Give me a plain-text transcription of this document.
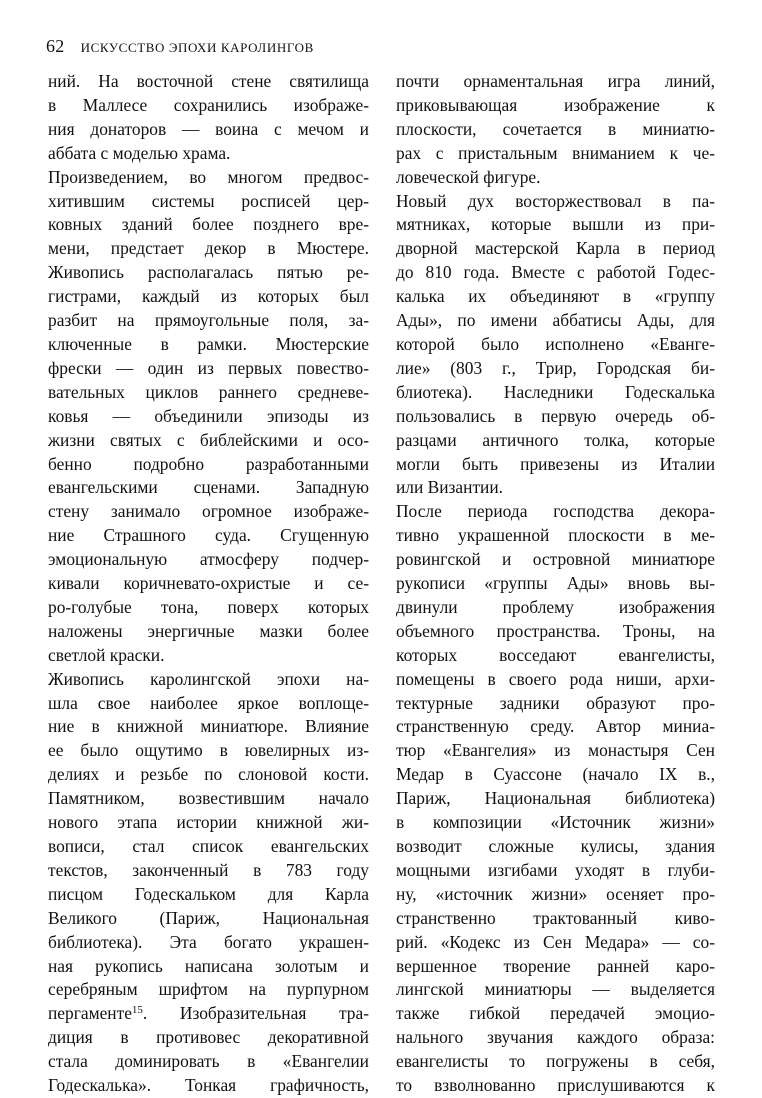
62 ИСКУССТВО ЭПОХИ КАРОЛИНГОВ
ний. На восточной стене святилища
в Маллесе сохранились изображе-
ния донаторов — воина с мечом и
аббата с моделью храма.
Произведением, во многом предвос-
хитившим системы росписей цер-
ковных зданий более позднего вре-
мени, предстает декор в Мюстере.
Живопись располагалась пятью ре-
гистрами, каждый из которых был
разбит на прямоугольные поля, за-
ключенные в рамки. Мюстерские
фрески — один из первых повество-
вательных циклов раннего средневе-
ковья — объединили эпизоды из
жизни святых с библейскими и осо-
бенно подробно разработанными
евангельскими сценами. Западную
стену занимало огромное изображе-
ние Страшного суда. Сгущенную
эмоциональную атмосферу подчер-
кивали коричневато-охристые и се-
ро-голубые тона, поверх которых
наложены энергичные мазки более
светлой краски.
Живопись каролингской эпохи на-
шла свое наиболее яркое воплоще-
ние в книжной миниатюре. Влияние
ее было ощутимо в ювелирных из-
делиях и резьбе по слоновой кости.
Памятником, возвестившим начало
нового этапа истории книжной жи-
вописи, стал список евангельских
текстов, законченный в 783 году
писцом Годескальком для Карла
Великого (Париж, Национальная
библиотека). Эта богато украшен-
ная рукопись написана золотым и
серебряным шрифтом на пурпурном
пергаменте$^{15}$. Изобразительная тра-
диция в противовес декоративной
стала доминировать в «Евангелии
Годескалька». Тонкая графичность,
почти орнаментальная игра линий,
приковывающая изображение к
плоскости, сочетается в миниатю-
рах с пристальным вниманием к че-
ловеческой фигуре.
Новый дух восторжествовал в па-
мятниках, которые вышли из при-
дворной мастерской Карла в период
до 810 года. Вместе с работой Годес-
калька их объединяют в «группу
Ады», по имени аббатисы Ады, для
которой было исполнено «Еванге-
лие» (803 г., Трир, Городская би-
блиотека). Наследники Годескалька
пользовались в первую очередь об-
разцами античного толка, которые
могли быть привезены из Италии
или Византии.
После периода господства декора-
тивно украшенной плоскости в ме-
ровингской и островной миниатюре
рукописи «группы Ады» вновь вы-
двинули проблему изображения
объемного пространства. Троны, на
которых восседают евангелисты,
помещены в своего рода ниши, архи-
тектурные задники образуют про-
странственную среду. Автор миниа-
тюр «Евангелия» из монастыря Сен
Медар в Суассоне (начало IX в.,
Париж, Национальная библиотека)
в композиции «Источник жизни»
возводит сложные кулисы, здания
мощными изгибами уходят в глуби-
ну, «источник жизни» осеняет про-
странственно трактованный киво-
рий. «Кодекс из Сен Медара» — со-
вершенное творение ранней каро-
лингской миниатюры — выделяется
также гибкой передачей эмоцио-
нального звучания каждого образа:
евангелисты то погружены в себя,
то взволнованно прислушиваются к
